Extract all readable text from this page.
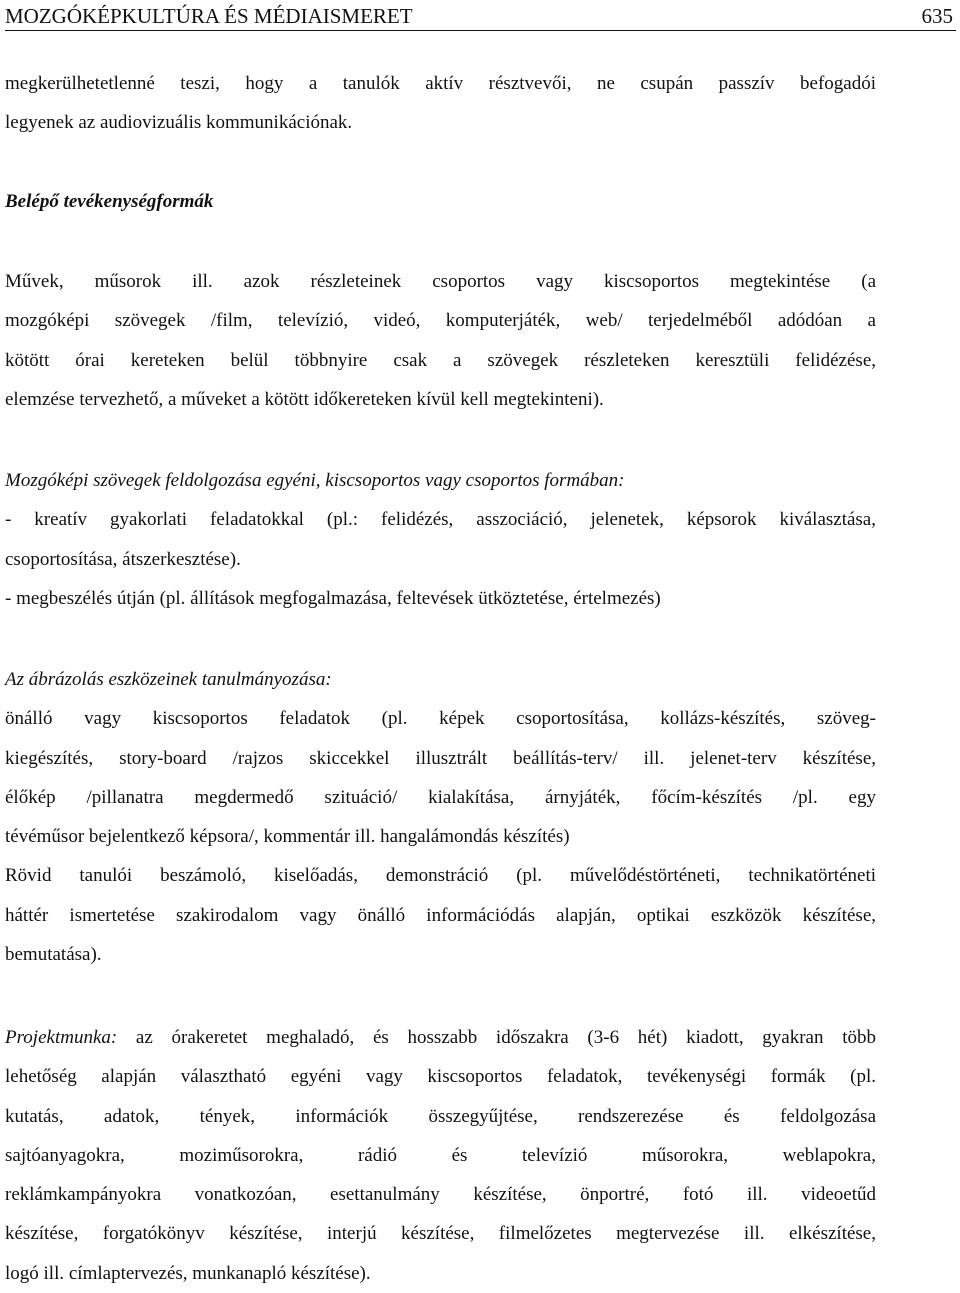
MOZGÓKÉPKULTÚRA ÉS MÉDIAISMERET	635
megkerülhetetlenné teszi, hogy a tanulók aktív résztvevői, ne csupán passzív befogadói
legyenek az audiovizuális kommunikációnak.
Belépő tevékenységformák
Művek, műsorok ill. azok részleteinek csoportos vagy kiscsoportos megtekintése (a
mozgóképi szövegek /film, televízió, videó, komputerjáték, web/ terjedelméből adódóan a
kötött órai kereteken belül többnyire csak a szövegek részleteken keresztüli felidézése,
elemzése tervezhető, a műveket a kötött időkereteken kívül kell megtekinteni).
Mozgóképi szövegek feldolgozása egyéni, kiscsoportos vagy csoportos formában:
- kreatív gyakorlati feladatokkal (pl.: felidézés, asszociáció, jelenetek, képsorok kiválasztása,
csoportosítása, átszerkesztése).
- megbeszélés útján (pl. állítások megfogalmazása, feltevések ütköztetése, értelmezés)
Az ábrázolás eszközeinek tanulmányozása:
önálló vagy kiscsoportos feladatok (pl. képek csoportosítása, kollázs-készítés, szöveg-
kiegészítés, story-board /rajzos skiccekkel illusztrált beállítás-terv/ ill. jelenet-terv készítése,
élőkép /pillanatra megdermedő szituáció/ kialakítása, árnyjáték, főcím-készítés /pl. egy
tévéműsor bejelentkező képsora/, kommentár ill. hangalámondás készítés)
Rövid tanulói beszámoló, kiselőadás, demonstráció (pl. művelődéstörténeti, technikatörténeti
háttér ismertetése szakirodalom vagy önálló információdás alapján, optikai eszközök készítése,
bemutatása).
Projektmunka: az órakeretet meghaladó, és hosszabb időszakra (3-6 hét) kiadott, gyakran több
lehetőség alapján választható egyéni vagy kiscsoportos feladatok, tevékenységi formák (pl.
kutatás, adatok, tények, információk összegyűjtése, rendszerezése és feldolgozása
sajtóanyagokra, moziműsorokra, rádió és televízió műsorokra, weblapokra,
reklámkampányokra vonatkozóan, esettanulmány készítése, önportré, fotó ill. videoetűd
készítése, forgatókönyv készítése, interjú készítése, filmelőzetes megtervezése ill. elkészítése,
logó ill. címlaptervezés, munkanapló készítése).
